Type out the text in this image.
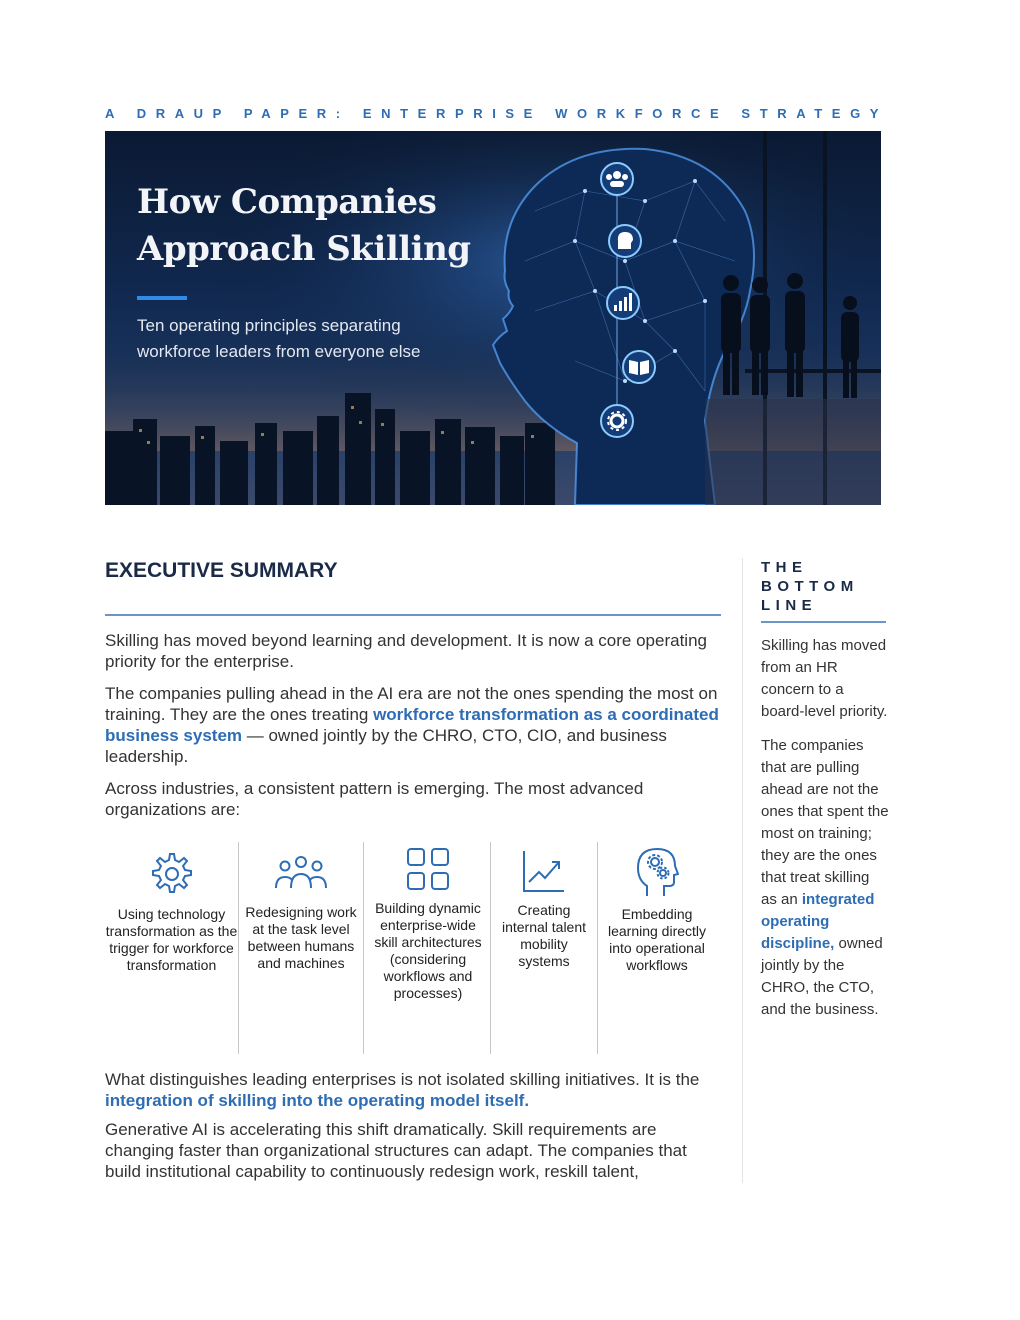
A DRAUP PAPER: ENTERPRISE WORKFORCE STRATEGY
How Companies Approach Skilling
Ten operating principles separating workforce leaders from everyone else
EXECUTIVE SUMMARY

Skilling has moved beyond learning and development. It is now a core operating priority for the enterprise.

The companies pulling ahead in the AI era are not the ones spending the most on training. They are the ones treating workforce transformation as a coordinated business system — owned jointly by the CHRO, CTO, CIO, and business leadership.

Across industries, a consistent pattern is emerging. The most advanced organizations are:

Using technology transformation as the trigger for workforce transformation
Redesigning work at the task level between humans and machines
Building dynamic enterprise-wide skill architectures (considering workflows and processes)
Creating internal talent mobility systems
Embedding learning directly into operational workflows

What distinguishes leading enterprises is not isolated skilling initiatives. It is the integration of skilling into the operating model itself.

Generative AI is accelerating this shift dramatically. Skill requirements are changing faster than organizational structures can adapt. The companies that build institutional capability to continuously redesign work, reskill talent,

THE BOTTOM LINE

Skilling has moved from an HR concern to a board-level priority.

The companies that are pulling ahead are not the ones that spent the most on training; they are the ones that treat skilling as an integrated operating discipline, owned jointly by the CHRO, the CTO, and the business.
